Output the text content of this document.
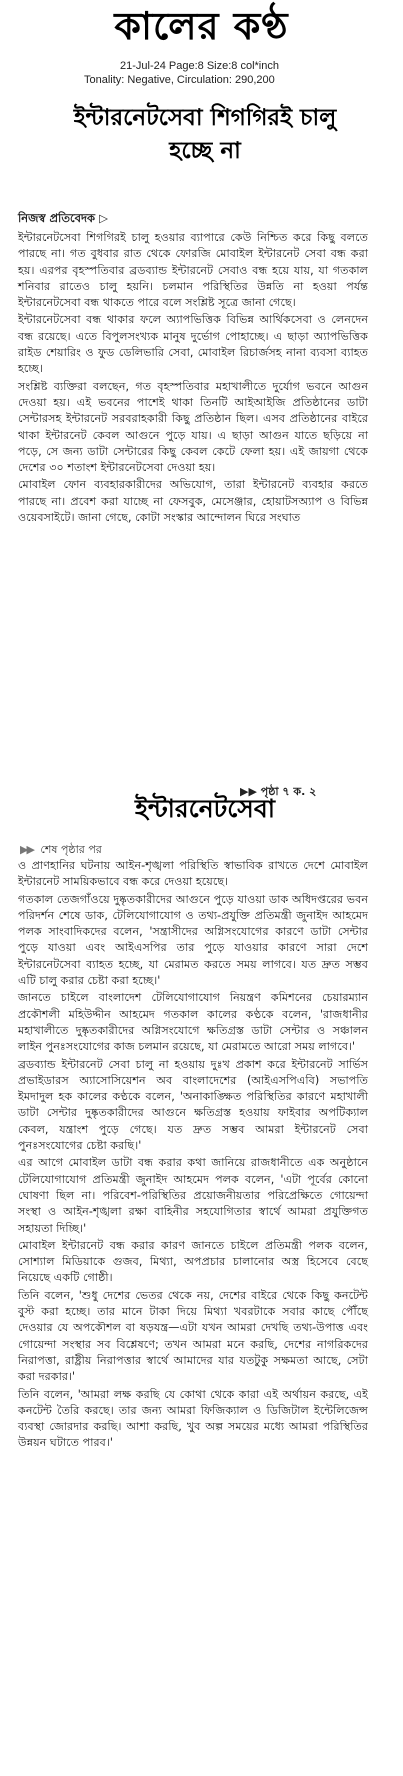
কালের কণ্ঠ
21-Jul-24 Page:8 Size:8 col*inch
Tonality: Negative, Circulation: 290,200
ইন্টারনেটসেবা শিগগিরই চালু হচ্ছে না
নিজস্ব প্রতিবেদক ▷

ইন্টারনেটসেবা শিগগিরই চালু হওয়ার ব্যাপারে কেউ নিশ্চিত করে কিছু বলতে পারছে না। গত বুধবার রাত থেকে ফোরজি মোবাইল ইন্টারনেট সেবা বন্ধ করা হয়। এরপর বৃহস্পতিবার ব্রডব্যান্ড ইন্টারনেট সেবাও বন্ধ হয়ে যায়, যা গতকাল শনিবার রাতেও চালু হয়নি। চলমান পরিস্থিতির উন্নতি না হওয়া পর্যন্ত ইন্টারনেটসেবা বন্ধ থাকতে পারে বলে সংশ্লিষ্ট সূত্রে জানা গেছে।

ইন্টারনেটসেবা বন্ধ থাকার ফলে অ্যাপভিত্তিক বিভিন্ন আর্থিকসেবা ও লেনদেন বন্ধ রয়েছে। এতে বিপুলসংখ্যক মানুষ দুর্ভোগ পোহাচ্ছে। এ ছাড়া অ্যাপভিত্তিক রাইড শেয়ারিং ও ফুড ডেলিভারি সেবা, মোবাইল রিচার্জসহ নানা ব্যবসা ব্যাহত হচ্ছে।

সংশ্লিষ্ট ব্যক্তিরা বলছেন, গত বৃহস্পতিবার মহাখালীতে দুর্যোগ ভবনে আগুন দেওয়া হয়। এই ভবনের পাশেই থাকা তিনটি আইআইজি প্রতিষ্ঠানের ডাটা সেন্টারসহ ইন্টারনেট সরবরাহকারী কিছু প্রতিষ্ঠান ছিল। এসব প্রতিষ্ঠানের বাইরে থাকা ইন্টারনেট কেবল আগুনে পুড়ে যায়। এ ছাড়া আগুন যাতে ছড়িয়ে না পড়ে, সে জন্য ডাটা সেন্টারের কিছু কেবল কেটে ফেলা হয়। এই জায়গা থেকে দেশের ৩০ শতাংশ ইন্টারনেটসেবা দেওয়া হয়।

মোবাইল ফোন ব্যবহারকারীদের অভিযোগ, তারা ইন্টারনেট ব্যবহার করতে পারছে না। প্রবেশ করা যাচ্ছে না ফেসবুক, মেসেঞ্জার, হোয়াটসঅ্যাপ ও বিভিন্ন ওয়েবসাইটে। জানা গেছে, কোটা সংস্কার আন্দোলন ঘিরে সংঘাত

▶▶ পৃষ্ঠা ৭ ক. ২
ইন্টারনেটসেবা
▶▶ শেষ পৃষ্ঠার পর

ও প্রাণহানির ঘটনায় আইন-শৃঙ্খলা পরিস্থিতি স্বাভাবিক রাখতে দেশে মোবাইল ইন্টারনেট সাময়িকভাবে বন্ধ করে দেওয়া হয়েছে।

গতকাল তেজগাঁওয়ে দুষ্কৃতকারীদের আগুনে পুড়ে যাওয়া ডাক অধিদপ্তরের ভবন পরিদর্শন শেষে ডাক, টেলিযোগাযোগ ও তথ্য-প্রযুক্তি প্রতিমন্ত্রী জুনাইদ আহমেদ পলক সাংবাদিকদের বলেন, 'সন্ত্রাসীদের অগ্নিসংযোগের কারণে ডাটা সেন্টার পুড়ে যাওয়া এবং আইএসপির তার পুড়ে যাওয়ার কারণে সারা দেশে ইন্টারনেটসেবা ব্যাহত হচ্ছে, যা মেরামত করতে সময় লাগবে। যত দ্রুত সম্ভব এটি চালু করার চেষ্টা করা হচ্ছে।'

জানতে চাইলে বাংলাদেশ টেলিযোগাযোগ নিয়ন্ত্রণ কমিশনের চেয়ারম্যান প্রকৌশলী মহিউদ্দীন আহমেদ গতকাল কালের কণ্ঠকে বলেন, 'রাজধানীর মহাখালীতে দুষ্কৃতকারীদের অগ্নিসংযোগে ক্ষতিগ্রস্ত ডাটা সেন্টার ও সঞ্চালন লাইন পুনঃসংযোগের কাজ চলমান রয়েছে, যা মেরামতে আরো সময় লাগবে।'

ব্রডব্যান্ড ইন্টারনেট সেবা চালু না হওয়ায় দুঃখ প্রকাশ করে ইন্টারনেট সার্ভিস প্রভাইডারস অ্যাসোসিয়েশন অব বাংলাদেশের (আইএসপিএবি) সভাপতি ইমদাদুল হক কালের কণ্ঠকে বলেন, 'অনাকাঙ্ক্ষিত পরিস্থিতির কারণে মহাখালী ডাটা সেন্টার দুষ্কৃতকারীদের আগুনে ক্ষতিগ্রস্ত হওয়ায় ফাইবার অপটিক্যাল কেবল, যন্ত্রাংশ পুড়ে গেছে। যত দ্রুত সম্ভব আমরা ইন্টারনেট সেবা পুনঃসংযোগের চেষ্টা করছি।'

এর আগে মোবাইল ডাটা বন্ধ করার কথা জানিয়ে রাজধানীতে এক অনুষ্ঠানে টেলিযোগাযোগ প্রতিমন্ত্রী জুনাইদ আহমেদ পলক বলেন, 'এটা পূর্বের কোনো ঘোষণা ছিল না। পরিবেশ-পরিস্থিতির প্রয়োজনীয়তার পরিপ্রেক্ষিতে গোয়েন্দা সংস্থা ও আইন-শৃঙ্খলা রক্ষা বাহিনীর সহযোগিতার স্বার্থে আমরা প্রযুক্তিগত সহায়তা দিচ্ছি।'

মোবাইল ইন্টারনেট বন্ধ করার কারণ জানতে চাইলে প্রতিমন্ত্রী পলক বলেন, সোশ্যাল মিডিয়াকে গুজব, মিথ্যা, অপপ্রচার চালানোর অস্ত্র হিসেবে বেছে নিয়েছে একটি গোষ্ঠী।

তিনি বলেন, 'শুধু দেশের ভেতর থেকে নয়, দেশের বাইরে থেকে কিছু কনটেন্ট বুস্ট করা হচ্ছে। তার মানে টাকা দিয়ে মিথ্যা খবরটাকে সবার কাছে পৌঁছে দেওয়ার যে অপকৌশল বা ষড়যন্ত্র—এটা যখন আমরা দেখছি তথ্য-উপাত্ত এবং গোয়েন্দা সংস্থার সব বিশ্লেষণে; তখন আমরা মনে করছি, দেশের নাগরিকদের নিরাপত্তা, রাষ্ট্রীয় নিরাপত্তার স্বার্থে আমাদের যার যতটুকু সক্ষমতা আছে, সেটা করা দরকার।'

তিনি বলেন, 'আমরা লক্ষ করছি যে কোথা থেকে কারা এই অর্থায়ন করছে, এই কনটেন্ট তৈরি করছে। তার জন্য আমরা ফিজিক্যাল ও ডিজিটাল ইন্টেলিজেন্স ব্যবস্থা জোরদার করছি। আশা করছি, খুব অল্প সময়ের মধ্যে আমরা পরিস্থিতির উন্নয়ন ঘটাতে পারব।'
